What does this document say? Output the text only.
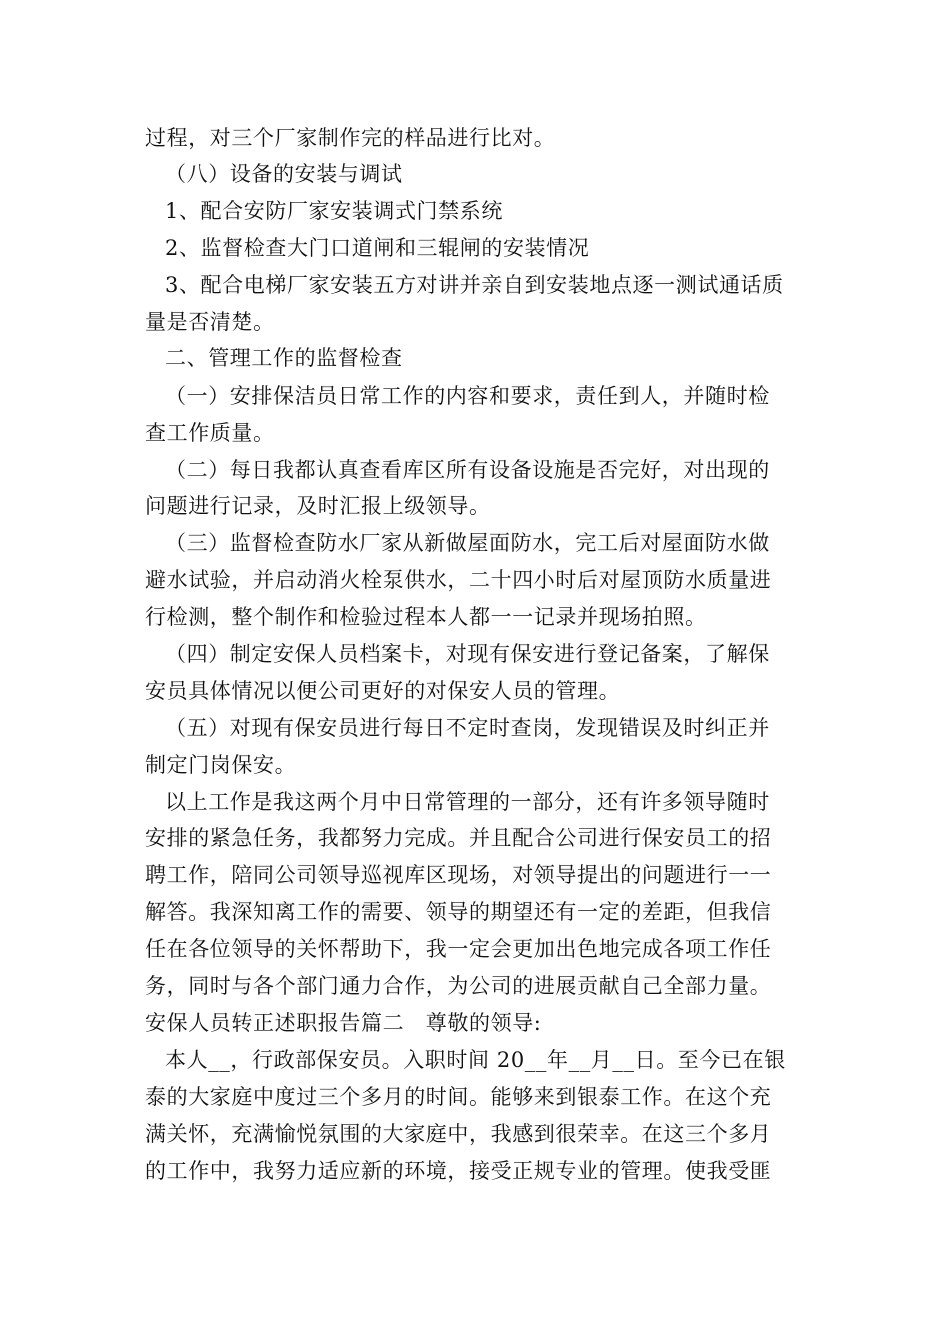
过程，对三个厂家制作完的样品进行比对。
（八）设备的安装与调试
1、配合安防厂家安装调式门禁系统
2、监督检查大门口道闸和三辊闸的安装情况
3、配合电梯厂家安装五方对讲并亲自到安装地点逐一测试通话质
量是否清楚。
二、管理工作的监督检查
（一）安排保洁员日常工作的内容和要求，责任到人，并随时检
查工作质量。
（二）每日我都认真查看库区所有设备设施是否完好，对出现的
问题进行记录，及时汇报上级领导。
（三）监督检查防水厂家从新做屋面防水，完工后对屋面防水做
避水试验，并启动消火栓泵供水，二十四小时后对屋顶防水质量进
行检测，整个制作和检验过程本人都一一记录并现场拍照。
（四）制定安保人员档案卡，对现有保安进行登记备案，了解保
安员具体情况以便公司更好的对保安人员的管理。
（五）对现有保安员进行每日不定时查岗，发现错误及时纠正并
制定门岗保安。
以上工作是我这两个月中日常管理的一部分，还有许多领导随时
安排的紧急任务，我都努力完成。并且配合公司进行保安员工的招
聘工作，陪同公司领导巡视库区现场，对领导提出的问题进行一一
解答。我深知离工作的需要、领导的期望还有一定的差距，但我信
任在各位领导的关怀帮助下，我一定会更加出色地完成各项工作任
务，同时与各个部门通力合作，为公司的进展贡献自己全部力量。
安保人员转正述职报告篇二　尊敬的领导:
本人__，行政部保安员。入职时间 20__年__月__日。至今已在银
泰的大家庭中度过三个多月的时间。能够来到银泰工作。在这个充
满关怀，充满愉悦氛围的大家庭中，我感到很荣幸。在这三个多月
的工作中，我努力适应新的环境，接受正规专业的管理。使我受匪
